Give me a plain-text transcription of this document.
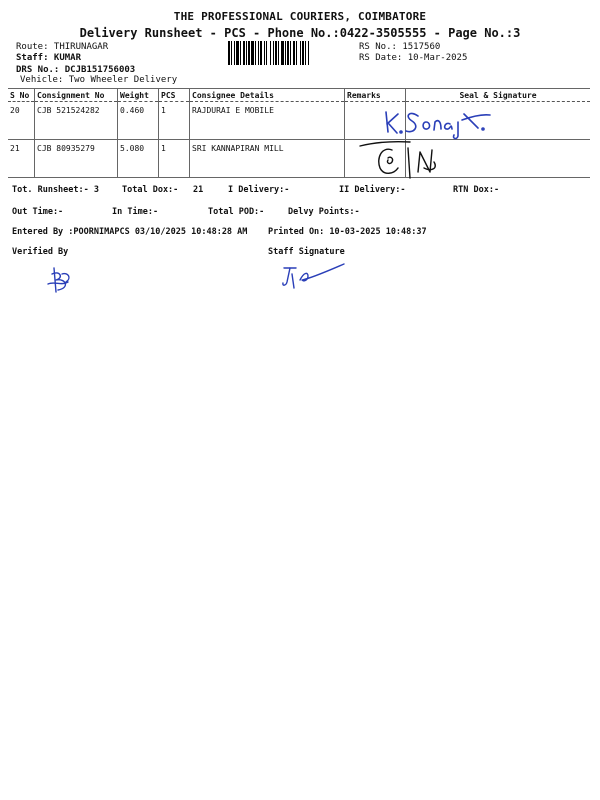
THE PROFESSIONAL COURIERS, COIMBATORE
Delivery Runsheet - PCS - Phone No.:0422-3505555 - Page No.:3
Route: THIRUNAGAR
Staff: KUMAR
DRS No.: DCJB151756003
Vehicle: Two Wheeler Delivery
RS No.: 1517560
RS Date: 10-Mar-2025
S No	Consignment No	Weight	PCS	Consignee Details	Remarks	Seal & Signature
20	CJB 521524282	0.460	1	RAJDURAI E MOBILE		
21	CJB 80935279	5.080	1	SRI KANNAPIRAN MILL		
Tot. Runsheet:- 3	Total Dox:- 21	I Delivery:-	II Delivery:-	RTN Dox:-
Out Time:-	In Time:-	Total POD:-	Delvy Points:-
Entered By :POORNIMAPCS 03/10/2025 10:48:28 AM Printed On: 10-03-2025 10:48:37
Verified By	Staff Signature
